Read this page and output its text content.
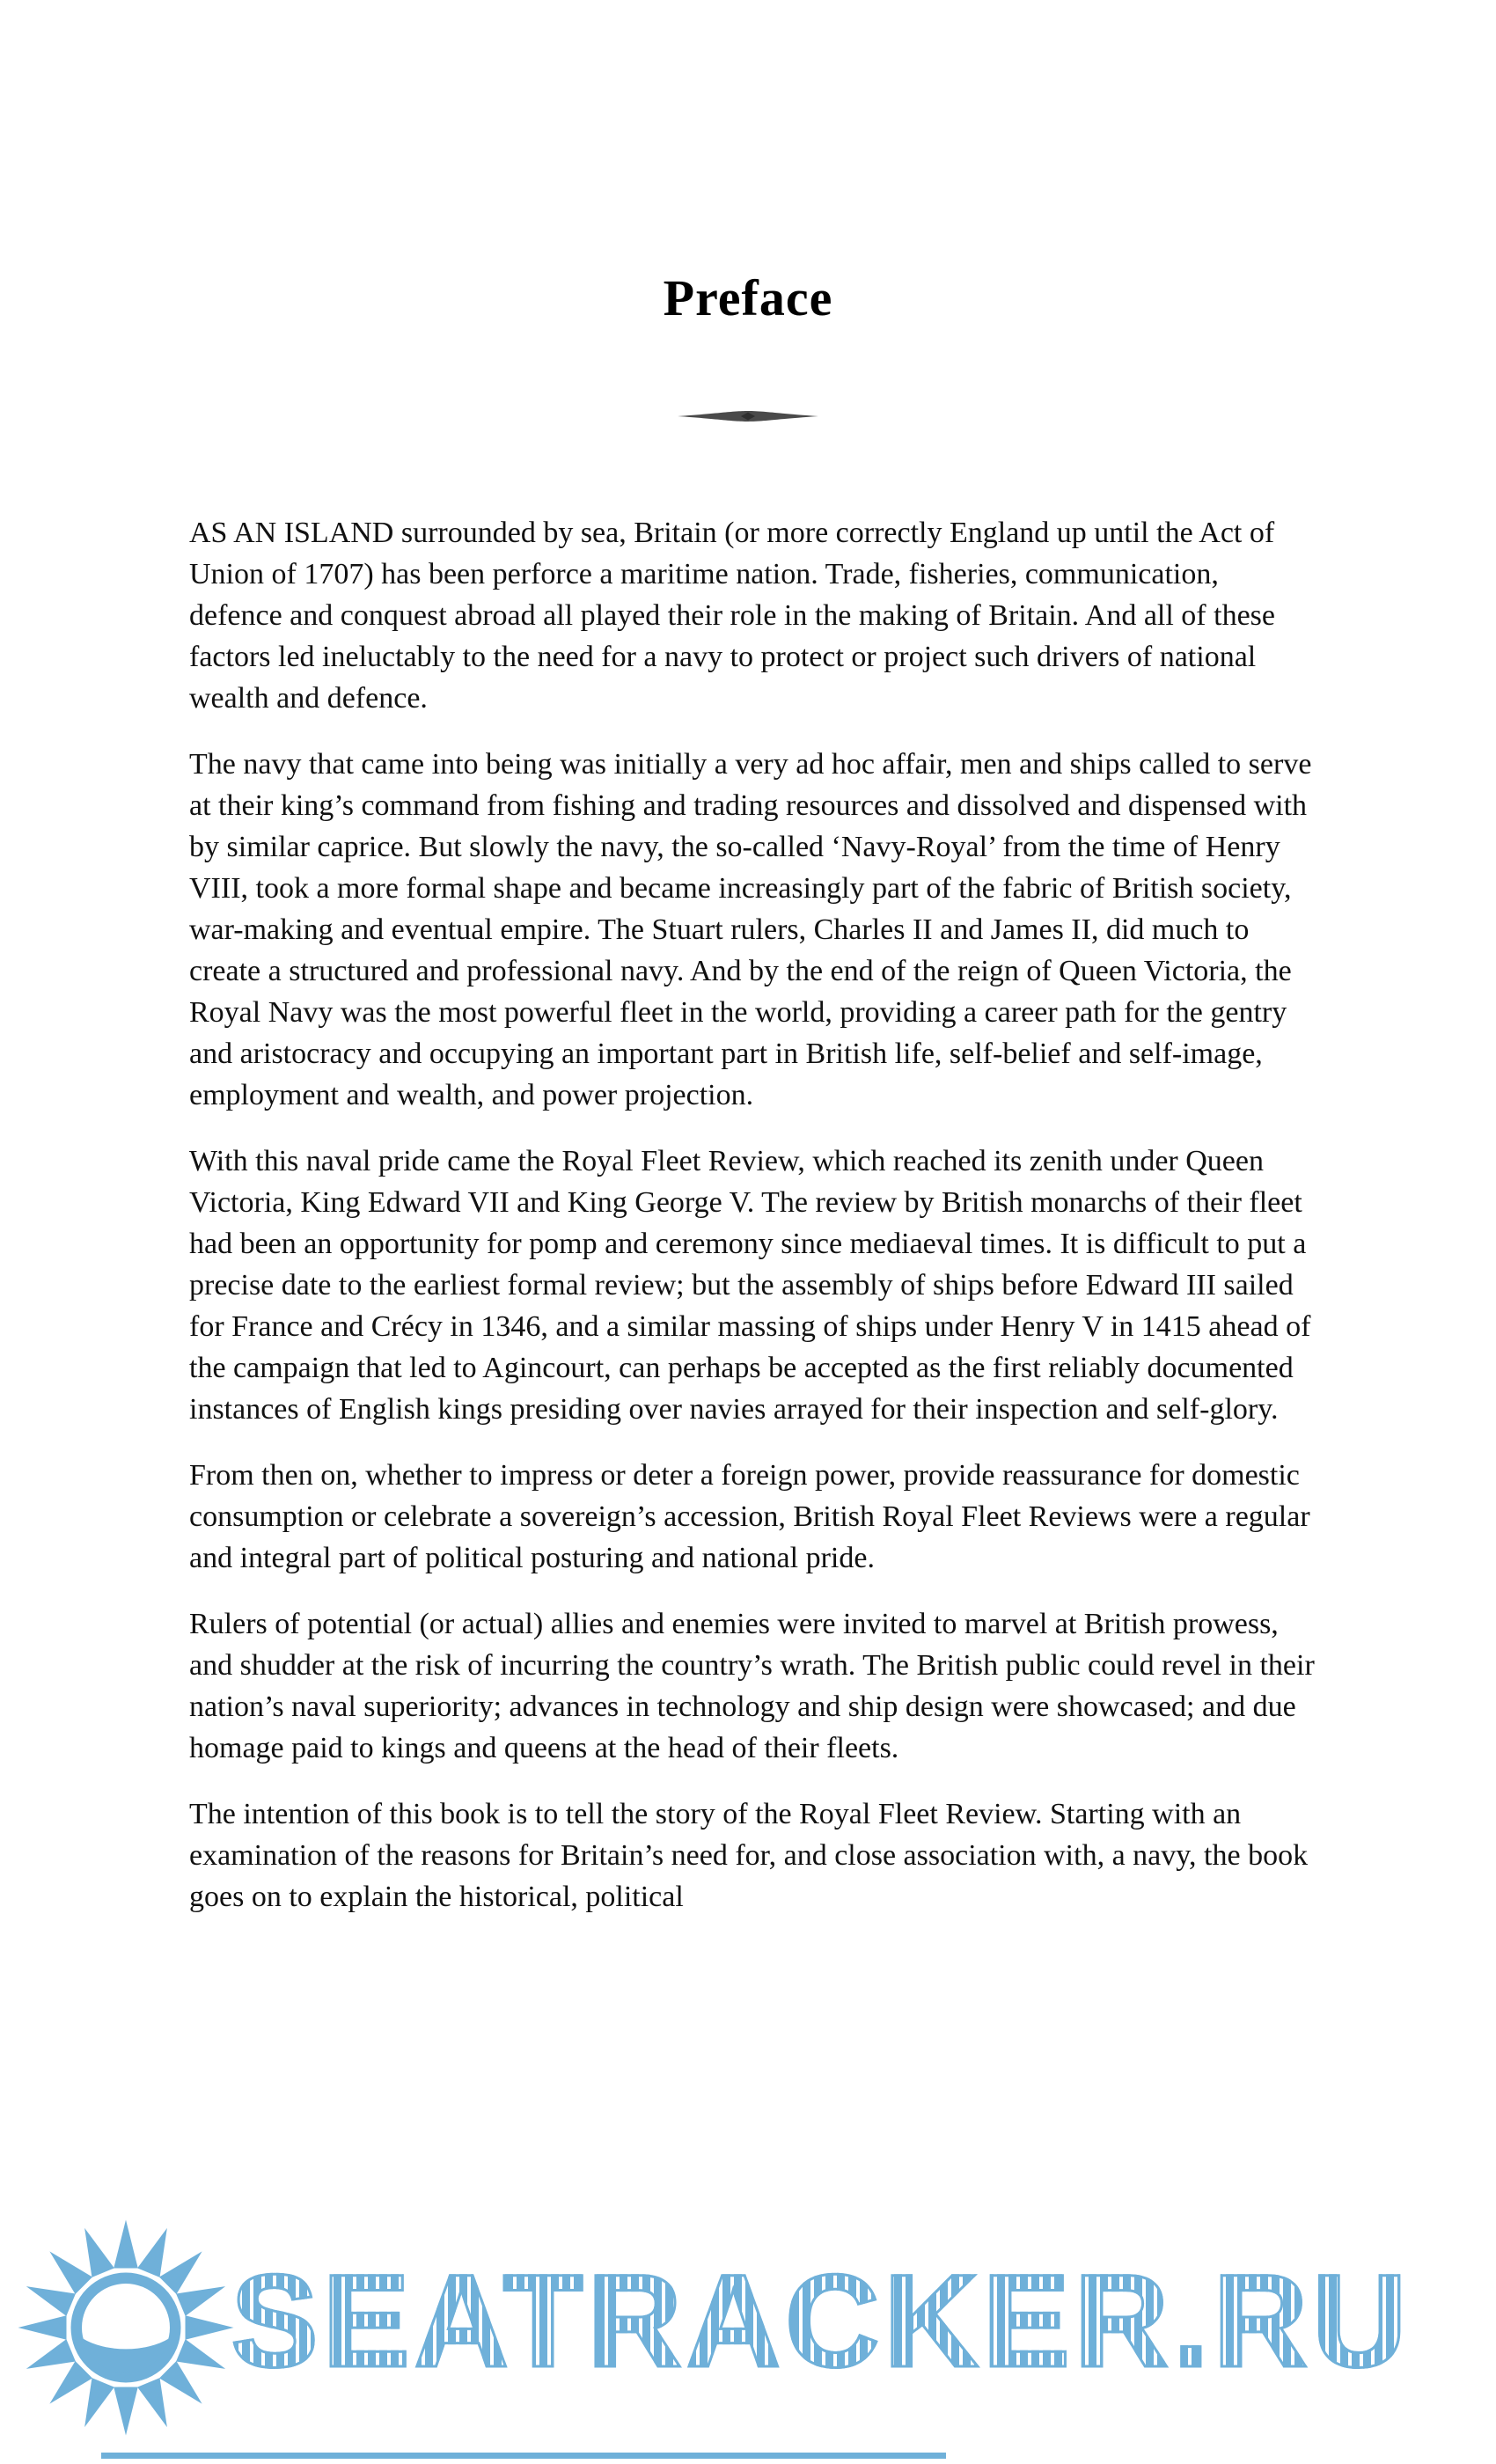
Preface

AS AN ISLAND surrounded by sea, Britain (or more correctly England up until the Act of Union of 1707) has been perforce a maritime nation. Trade, fisheries, communication, defence and conquest abroad all played their role in the making of Britain. And all of these factors led ineluctably to the need for a navy to protect or project such drivers of national wealth and defence.

The navy that came into being was initially a very ad hoc affair, men and ships called to serve at their king’s command from fishing and trading resources and dissolved and dispensed with by similar caprice. But slowly the navy, the so-called ‘Navy-Royal’ from the time of Henry VIII, took a more formal shape and became increasingly part of the fabric of British society, war-making and eventual empire. The Stuart rulers, Charles II and James II, did much to create a structured and professional navy. And by the end of the reign of Queen Victoria, the Royal Navy was the most powerful fleet in the world, providing a career path for the gentry and aristocracy and occupying an important part in British life, self-belief and self-image, employment and wealth, and power projection.

With this naval pride came the Royal Fleet Review, which reached its zenith under Queen Victoria, King Edward VII and King George V. The review by British monarchs of their fleet had been an opportunity for pomp and ceremony since mediaeval times. It is difficult to put a precise date to the earliest formal review; but the assembly of ships before Edward III sailed for France and Crécy in 1346, and a similar massing of ships under Henry V in 1415 ahead of the campaign that led to Agincourt, can perhaps be accepted as the first reliably documented instances of English kings presiding over navies arrayed for their inspection and self-glory.

From then on, whether to impress or deter a foreign power, provide reassurance for domestic consumption or celebrate a sovereign’s accession, British Royal Fleet Reviews were a regular and integral part of political posturing and national pride.

Rulers of potential (or actual) allies and enemies were invited to marvel at British prowess, and shudder at the risk of incurring the country’s wrath. The British public could revel in their nation’s naval superiority; advances in technology and ship design were showcased; and due homage paid to kings and queens at the head of their fleets.

The intention of this book is to tell the story of the Royal Fleet Review. Starting with an examination of the reasons for Britain’s need for, and close association with, a navy, the book goes on to explain the historical, political

SEATRACKER.RU
